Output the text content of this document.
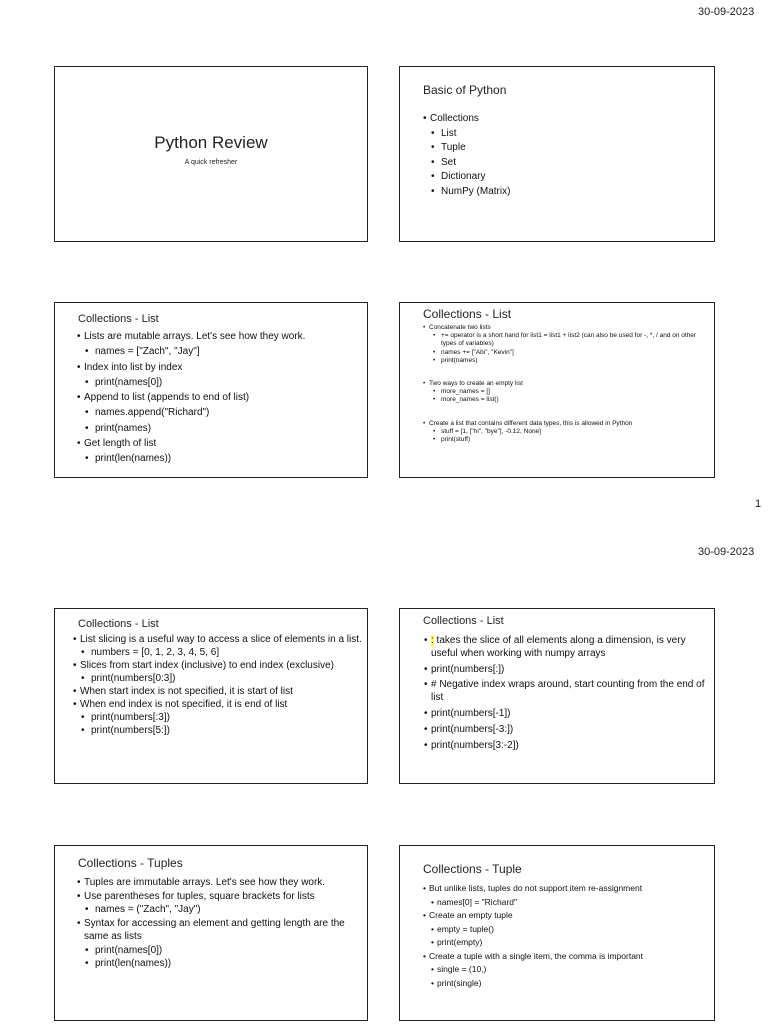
30-09-2023
1
30-09-2023
Python Review
A quick refresher
Basic of Python
• Collections
• List
• Tuple
• Set
• Dictionary
• NumPy (Matrix)
Collections - List
• Lists are mutable arrays. Let's see how they work.
• names = ["Zach", "Jay"]
• Index into list by index
• print(names[0])
• Append to list (appends to end of list)
• names.append("Richard")
• print(names)
• Get length of list
• print(len(names))
Collections - List
• Concatenate two lists
• += operator is a short hand for list1 = list1 + list2 (can also be used for -, *, / and on other types of variables)
• names += ["Abi", "Kevin"]
• print(names)
• Two ways to create an empty list
• more_names = []
• more_names = list()
• Create a list that contains different data types, this is allowed in Python
• stuff = [1, ["hi", "bye"], -0.12, None]
• print(stuff)
Collections - List
• List slicing is a useful way to access a slice of elements in a list.
• numbers = [0, 1, 2, 3, 4, 5, 6]
• Slices from start index (inclusive) to end index (exclusive)
• print(numbers[0:3])
• When start index is not specified, it is start of list
• When end index is not specified, it is end of list
• print(numbers[:3])
• print(numbers[5:])
Collections - List
• : takes the slice of all elements along a dimension, is very useful when working with numpy arrays
• print(numbers[:])
• # Negative index wraps around, start counting from the end of list
• print(numbers[-1])
• print(numbers[-3:])
• print(numbers[3:-2])
Collections - Tuples
• Tuples are immutable arrays. Let's see how they work.
• Use parentheses for tuples, square brackets for lists
• names = ("Zach", "Jay")
• Syntax for accessing an element and getting length are the same as lists
• print(names[0])
• print(len(names))
Collections - Tuple
• But unlike lists, tuples do not support item re-assignment
• names[0] = "Richard"
• Create an empty tuple
• empty = tuple()
• print(empty)
• Create a tuple with a single item, the comma is important
• single = (10,)
• print(single)
